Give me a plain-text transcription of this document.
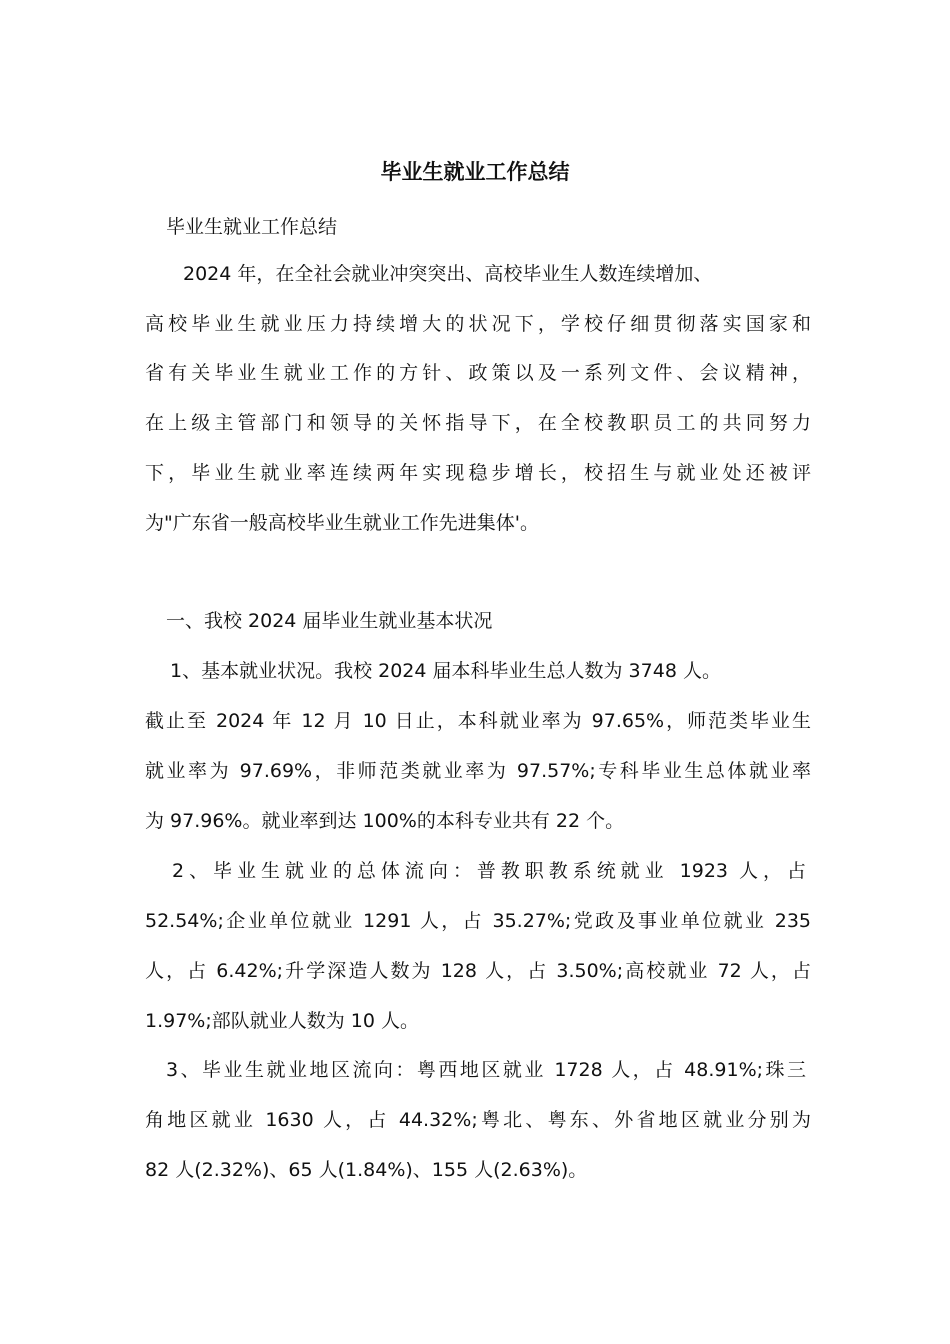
毕业生就业工作总结

毕业生就业工作总结

2024 年，在全社会就业冲突突出、高校毕业生人数连续增加、

高校毕业生就业压力持续增大的状况下，学校仔细贯彻落实国家和

省有关毕业生就业工作的方针、政策以及一系列文件、会议精神，

在上级主管部门和领导的关怀指导下，在全校教职员工的共同努力

下，毕业生就业率连续两年实现稳步增长，校招生与就业处还被评

为"广东省一般高校毕业生就业工作先进集体'。

一、我校 2024 届毕业生就业基本状况

1、基本就业状况。我校 2024 届本科毕业生总人数为 3748 人。

截止至 2024 年 12 月 10 日止，本科就业率为 97.65%，师范类毕业生

就业率为 97.69%，非师范类就业率为 97.57%;专科毕业生总体就业率

为 97.96%。就业率到达 100%的本科专业共有 22 个。

2、毕业生就业的总体流向：普教职教系统就业 1923 人，占

52.54%;企业单位就业 1291 人，占 35.27%;党政及事业单位就业 235

人，占 6.42%;升学深造人数为 128 人，占 3.50%;高校就业 72 人，占

1.97%;部队就业人数为 10 人。

3、毕业生就业地区流向：粤西地区就业 1728 人，占 48.91%;珠三

角地区就业 1630 人，占 44.32%;粤北、粤东、外省地区就业分别为

82 人(2.32%)、65 人(1.84%)、155 人(2.63%)。
